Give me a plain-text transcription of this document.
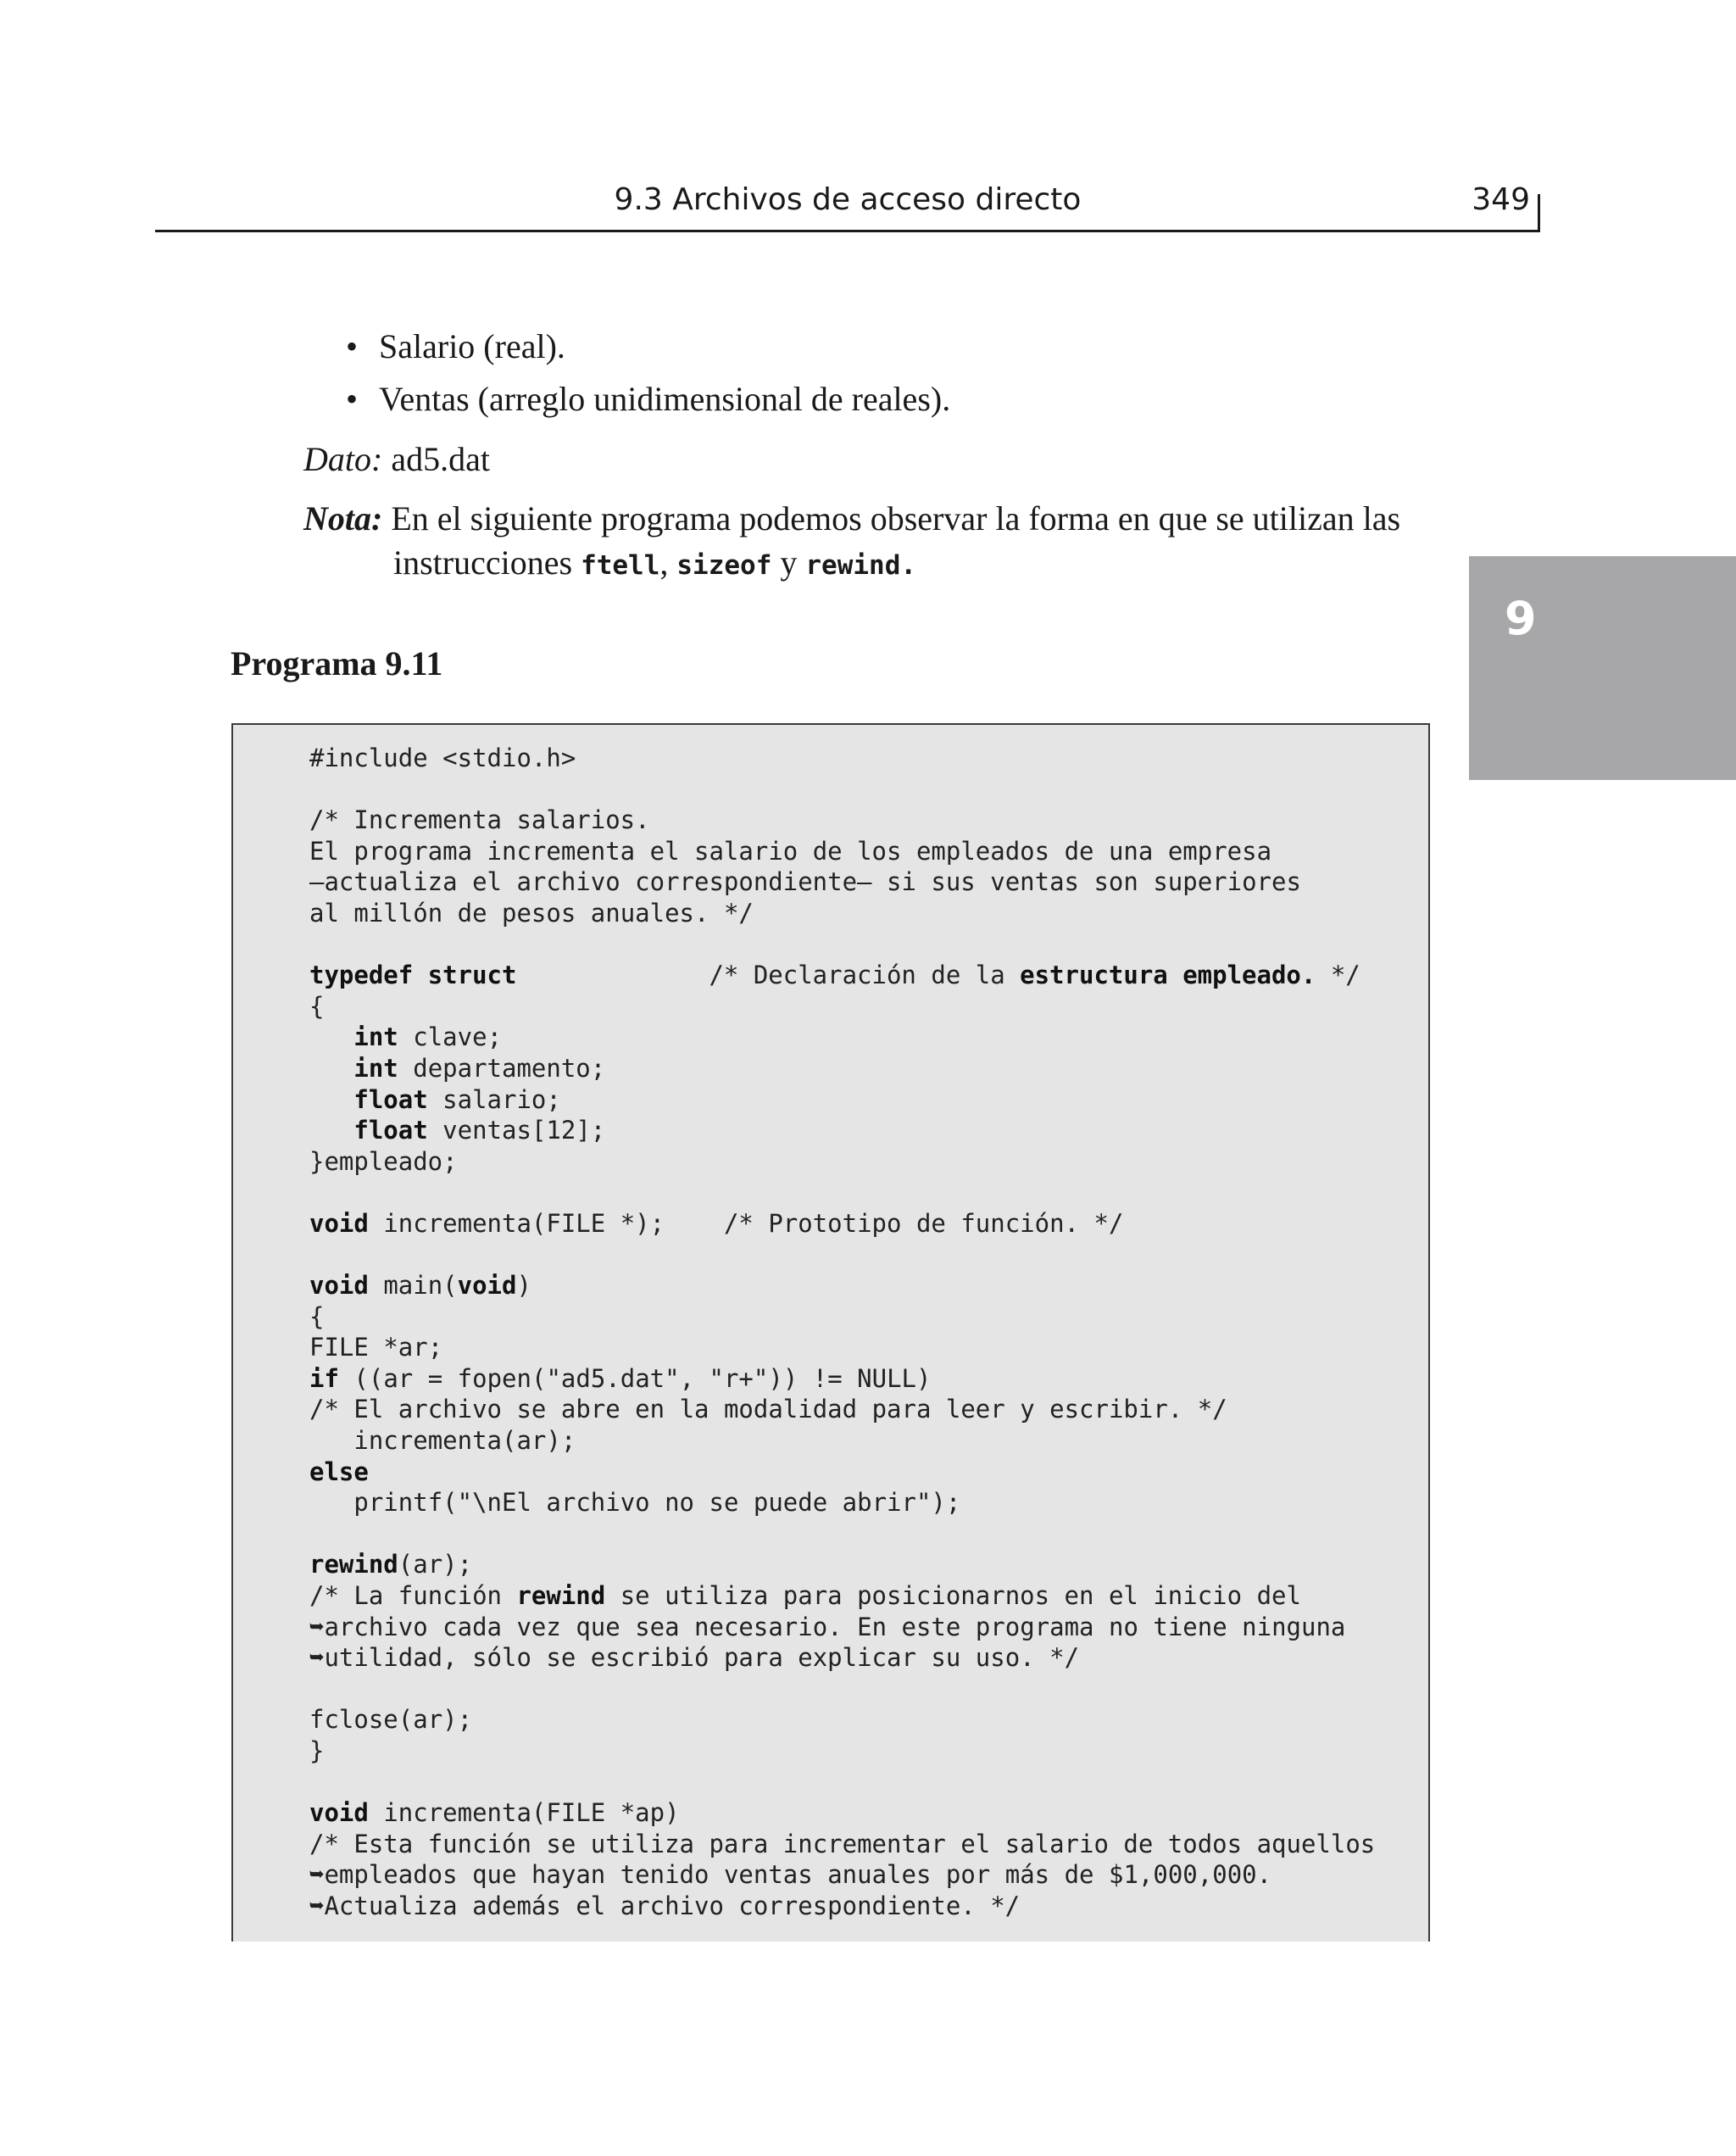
9.3 Archivos de acceso directo	349
9
• Salario (real).
• Ventas (arreglo unidimensional de reales).
Dato: ad5.dat
Nota: En el siguiente programa podemos observar la forma en que se utilizan las
instrucciones ftell, sizeof y rewind.
Programa 9.11
#include <stdio.h>

/* Incrementa salarios.
El programa incrementa el salario de los empleados de una empresa
—actualiza el archivo correspondiente— si sus ventas son superiores
al millón de pesos anuales. */

typedef struct	/* Declaración de la estructura empleado. */
{
int clave;
int departamento;
float salario;
float ventas[12];
}empleado;

void incrementa(FILE *); /* Prototipo de función. */

void main(void)
{
FILE *ar;
if ((ar = fopen("ad5.dat", "r+")) != NULL)
/* El archivo se abre en la modalidad para leer y escribir. */
incrementa(ar);
else
printf("\nEl archivo no se puede abrir");

rewind(ar);
/* La función rewind se utiliza para posicionarnos en el inicio del
➥archivo cada vez que sea necesario. En este programa no tiene ninguna
➥utilidad, sólo se escribió para explicar su uso. */

fclose(ar);
}

void incrementa(FILE *ap)
/* Esta función se utiliza para incrementar el salario de todos aquellos
➥empleados que hayan tenido ventas anuales por más de $1,000,000.
➥Actualiza además el archivo correspondiente. */
